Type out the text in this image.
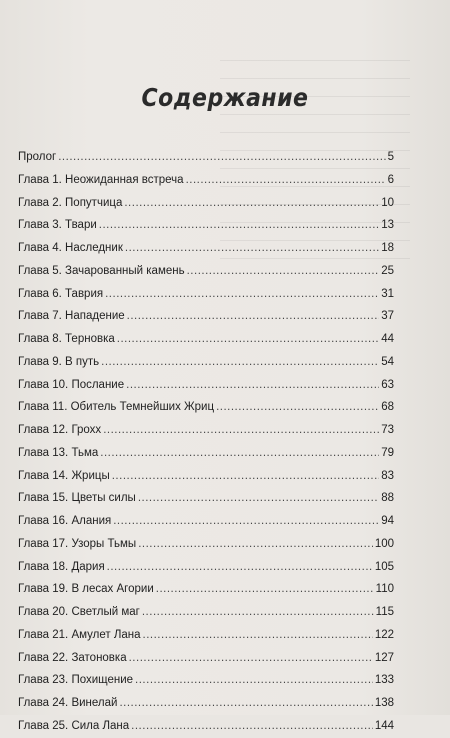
Содержание
Пролог .....	5
Глава 1. Неожиданная встреча .....	6
Глава 2. Попутчица .....	10
Глава 3. Твари .....	13
Глава 4. Наследник .....	18
Глава 5. Зачарованный камень .....	25
Глава 6. Таврия .....	31
Глава 7. Нападение .....	37
Глава 8. Терновка .....	44
Глава 9. В путь .....	54
Глава 10. Послание .....	63
Глава 11. Обитель Темнейших Жриц .....	68
Глава 12. Грохх .....	73
Глава 13. Тьма .....	79
Глава 14. Жрицы .....	83
Глава 15. Цветы силы .....	88
Глава 16. Алания .....	94
Глава 17. Узоры Тьмы .....	100
Глава 18. Дария .....	105
Глава 19. В лесах Агории .....	110
Глава 20. Светлый маг .....	115
Глава 21. Амулет Лана .....	122
Глава 22. Затоновка .....	127
Глава 23. Похищение .....	133
Глава 24. Винелай .....	138
Глава 25. Сила Лана .....	144
